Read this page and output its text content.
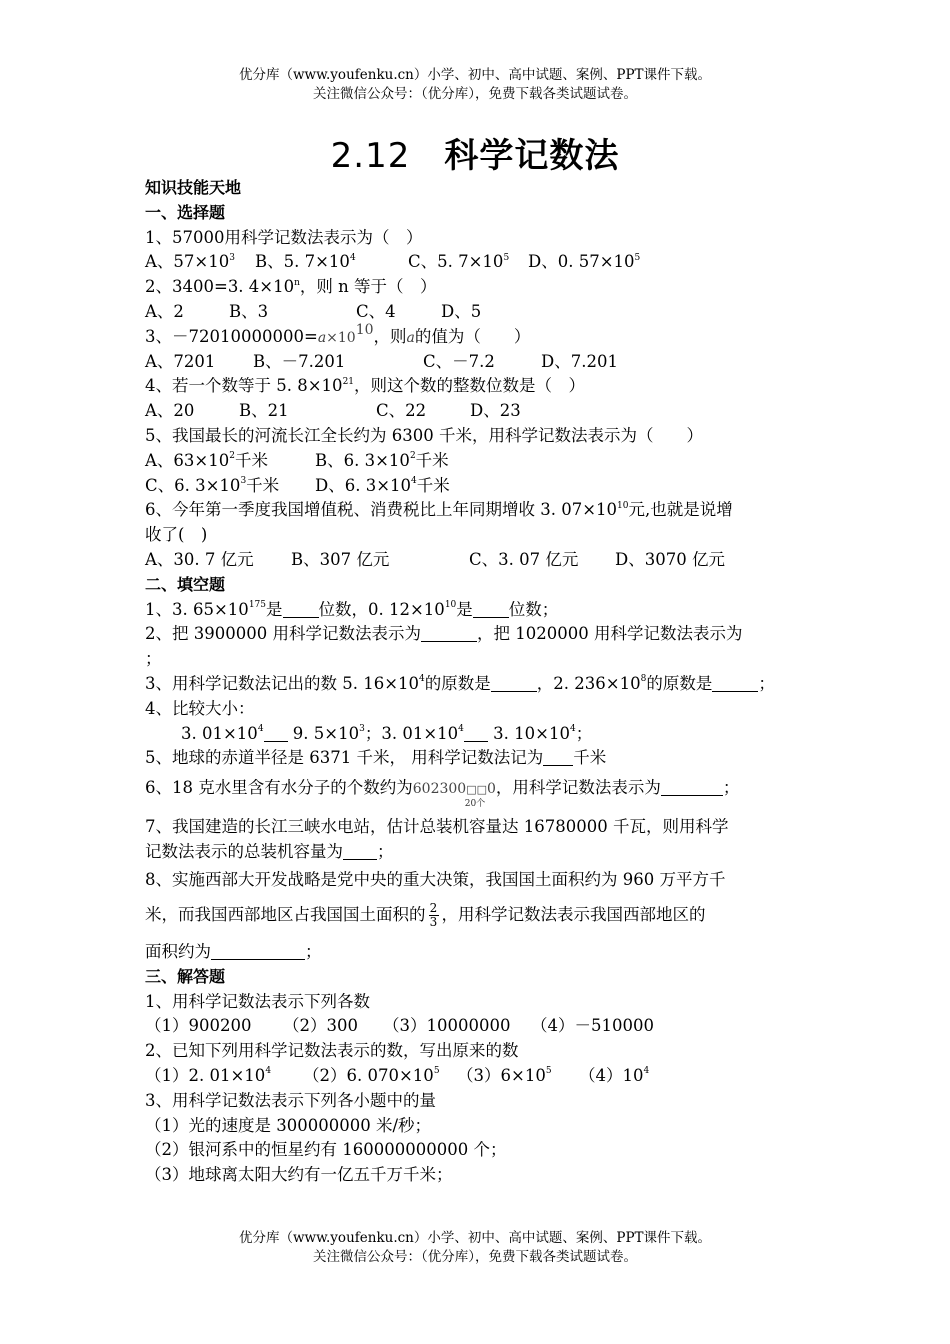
优分库（www.youfenku.cn）小学、初中、高中试题、案例、PPT课件下载。
关注微信公众号：（优分库），免费下载各类试题试卷。
2.12 科学记数法
知识技能天地
一、选择题
1、57000用科学记数法表示为（　）
A、$57\times 10^3$ B、5. $7\times 10^4$	C、5. $7\times 10^5$ D、0. $57\times 10^5$
2、3400=3. $4\times 10^n$，则 n 等于（　）
A、2	B、3	C、4	D、5
3、$-72010000000=a\times 10^{10}$，则a的值为（　　）
A、7201 B、－7.201	C、－7.2	D、7.201
4、若一个数等于 5. $8\times 10^{21}$，则这个数的整数位数是（　）
A、20	B、21	C、22	D、23
5、我国最长的河流长江全长约为 6300 千米，用科学记数法表示为（　　）
A、$63\times 10^2$千米	B、6. $3\times 10^2$千米
C、6. $3\times 10^3$千米 D、6. $3\times 10^4$千米
6、今年第一季度我国增值税、消费税比上年同期增收 3. $07\times 10^{10}$元,也就是说增
收了(　)
A、30. 7 亿元 B、307 亿元	C、3. 07 亿元 D、3070 亿元
二、填空题
1、3. $65\times 10^{175}$是 位数，0. $12\times 10^{10}$是 位数；
2、把 3900000 用科学记数法表示为	，把 1020000 用科学记数法表示为
；
3、用科学记数法记出的数 5. $16\times 10^4$的原数是	，2. $236\times 10^8$的原数是	；
4、比较大小：
3. $01\times 10^4$ 9. $5\times 10^3$；3. $01\times 10^4$ 3. $10\times 10^4$；
5、地球的赤道半径是 6371 千米， 用科学记数法记为 千米
6、18 克水里含有水分子的个数约为602300□□0
20个
，用科学记数法表示为	；
7、我国建造的长江三峡水电站，估计总装机容量达 16780000 千瓦，则用科学
记数法表示的总装机容量为 ；
8、实施西部大开发战略是党中央的重大决策，我国国土面积约为 960 万平方千
米，而我国西部地区占我国国土面积的 $\frac{2}{3}$ ，用科学记数法表示我国西部地区的
面积约为	；
三、解答题
1、用科学记数法表示下列各数
（1）900200 （2）300 （3）10000000 （4）－510000
2、已知下列用科学记数法表示的数，写出原来的数
（1）2. $01\times 10^4$ （2）6. $070\times 10^5$ $(3)6\times 10^5$ $(4)10^4$
3、用科学记数法表示下列各小题中的量
（1）光的速度是 300000000 米/秒；
（2）银河系中的恒星约有 160000000000 个；
（3）地球离太阳大约有一亿五千万千米；
优分库（www.youfenku.cn）小学、初中、高中试题、案例、PPT课件下载。
关注微信公众号：（优分库），免费下载各类试题试卷。
